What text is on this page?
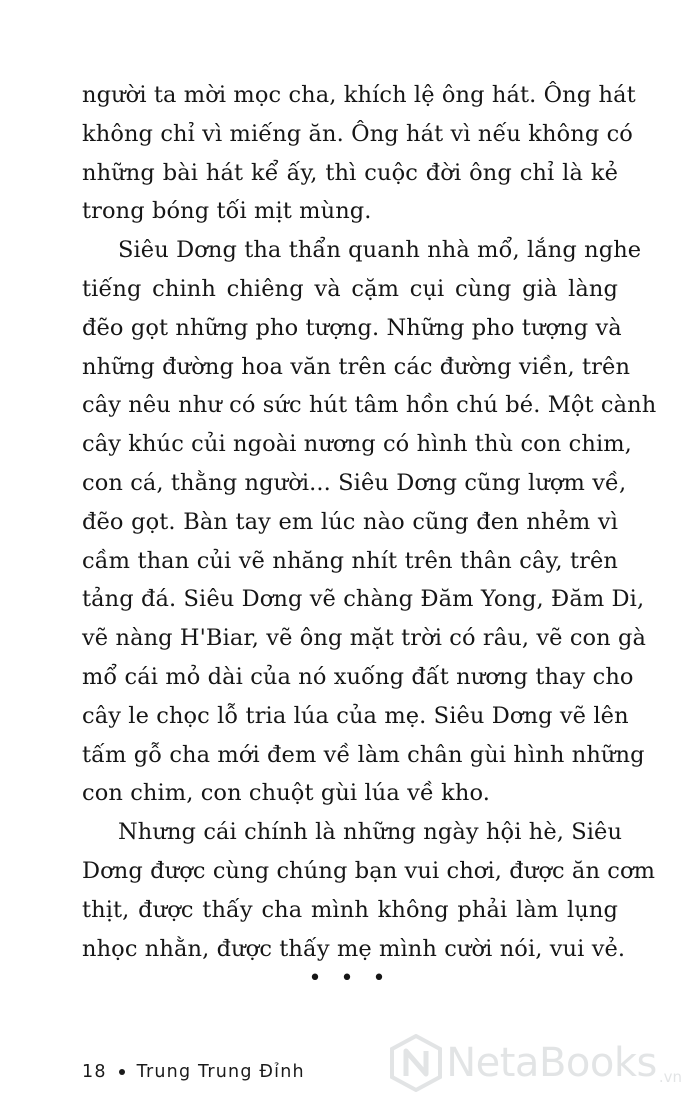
người ta mời mọc cha, khích lệ ông hát. Ông hát
không chỉ vì miếng ăn. Ông hát vì nếu không có
những bài hát kể ấy, thì cuộc đời ông chỉ là kẻ
trong bóng tối mịt mùng.
Siêu Dơng tha thẩn quanh nhà mổ, lắng nghe
tiếng chinh chiêng và cặm cụi cùng già làng
đẽo gọt những pho tượng. Những pho tượng và
những đường hoa văn trên các đường viền, trên
cây nêu như có sức hút tâm hồn chú bé. Một cành
cây khúc củi ngoài nương có hình thù con chim,
con cá, thằng người... Siêu Dơng cũng lượm về,
đẽo gọt. Bàn tay em lúc nào cũng đen nhẻm vì
cầm than củi vẽ nhăng nhít trên thân cây, trên
tảng đá. Siêu Dơng vẽ chàng Đăm Yong, Đăm Di,
vẽ nàng H'Biar, vẽ ông mặt trời có râu, vẽ con gà
mổ cái mỏ dài của nó xuống đất nương thay cho
cây le chọc lỗ tria lúa của mẹ. Siêu Dơng vẽ lên
tấm gỗ cha mới đem về làm chân gùi hình những
con chim, con chuột gùi lúa về kho.
Nhưng cái chính là những ngày hội hè, Siêu
Dơng được cùng chúng bạn vui chơi, được ăn cơm
thịt, được thấy cha mình không phải làm lụng
nhọc nhằn, được thấy mẹ mình cười nói, vui vẻ.
• • •
18 Trung Trung Đỉnh	NetaBooks .vn
